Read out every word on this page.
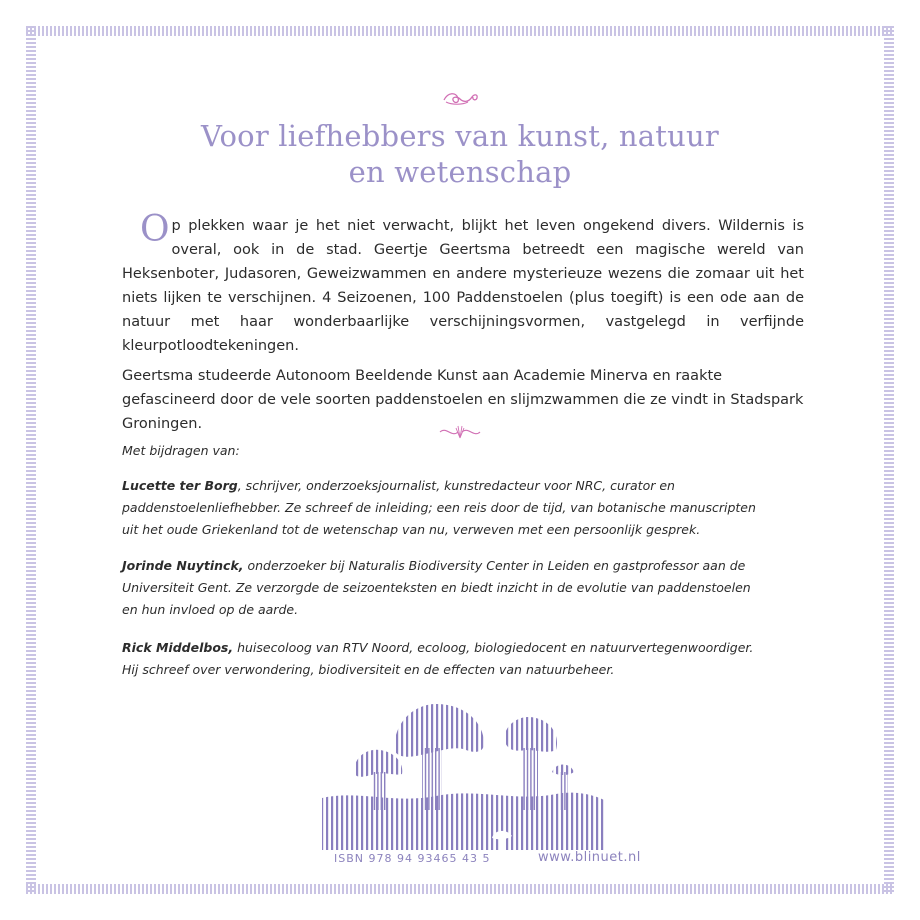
Voor liefhebbers van kunst, natuur
en wetenschap

Op plekken waar je het niet verwacht, blijkt het leven ongekend divers. Wildernis is overal, ook in de stad. Geertje Geertsma betreedt een magische wereld van Heksenboter, Judasoren, Geweizwammen en andere mysterieuze wezens die zomaar uit het niets lijken te verschijnen. 4 Seizoenen, 100 Paddenstoelen (plus toegift) is een ode aan de natuur met haar wonderbaarlijke verschijningsvormen, vastgelegd in verfijnde kleurpotloodtekeningen.

Geertsma studeerde Autonoom Beeldende Kunst aan Academie Minerva en raakte gefascineerd door de vele soorten paddenstoelen en slijmzwammen die ze vindt in Stadspark Groningen.

Met bijdragen van:

Lucette ter Borg, schrijver, onderzoeksjournalist, kunstredacteur voor NRC, curator en
paddenstoelenliefhebber. Ze schreef de inleiding; een reis door de tijd, van botanische manuscripten
uit het oude Griekenland tot de wetenschap van nu, verweven met een persoonlijk gesprek.

Jorinde Nuytinck, onderzoeker bij Naturalis Biodiversity Center in Leiden en gastprofessor aan de
Universiteit Gent. Ze verzorgde de seizoenteksten en biedt inzicht in de evolutie van paddenstoelen
en hun invloed op de aarde.

Rick Middelbos, huisecoloog van RTV Noord, ecoloog, biologiedocent en natuurvertegenwoordiger.
Hij schreef over verwondering, biodiversiteit en de effecten van natuurbeheer.

ISBN 978 94 93465 43 5	www.blinuet.nl
